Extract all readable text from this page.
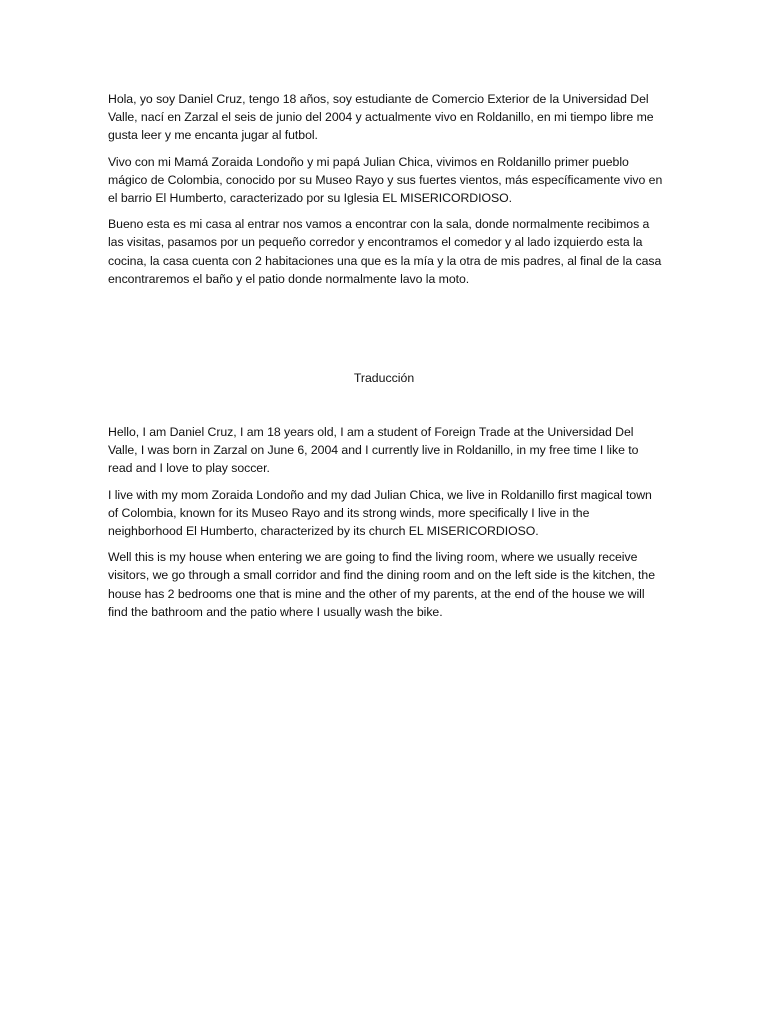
Hola, yo soy Daniel Cruz, tengo 18 años, soy estudiante de Comercio Exterior de la Universidad Del Valle, nací en Zarzal el seis de junio del 2004 y actualmente vivo en Roldanillo, en mi tiempo libre me gusta leer y me encanta jugar al futbol.

Vivo con mi Mamá Zoraida Londoño y mi papá Julian Chica, vivimos en Roldanillo primer pueblo mágico de Colombia, conocido por su Museo Rayo y sus fuertes vientos, más específicamente vivo en el barrio El Humberto, caracterizado por su Iglesia EL MISERICORDIOSO.

Bueno esta es mi casa al entrar nos vamos a encontrar con la sala, donde normalmente recibimos a las visitas, pasamos por un pequeño corredor y encontramos el comedor y al lado izquierdo esta la cocina, la casa cuenta con 2 habitaciones una que es la mía y la otra de mis padres, al final de la casa encontraremos el baño y el patio donde normalmente lavo la moto.

Traducción

Hello, I am Daniel Cruz, I am 18 years old, I am a student of Foreign Trade at the Universidad Del Valle, I was born in Zarzal on June 6, 2004 and I currently live in Roldanillo, in my free time I like to read and I love to play soccer.

I live with my mom Zoraida Londoño and my dad Julian Chica, we live in Roldanillo first magical town of Colombia, known for its Museo Rayo and its strong winds, more specifically I live in the neighborhood El Humberto, characterized by its church EL MISERICORDIOSO.

Well this is my house when entering we are going to find the living room, where we usually receive visitors, we go through a small corridor and find the dining room and on the left side is the kitchen, the house has 2 bedrooms one that is mine and the other of my parents, at the end of the house we will find the bathroom and the patio where I usually wash the bike.
